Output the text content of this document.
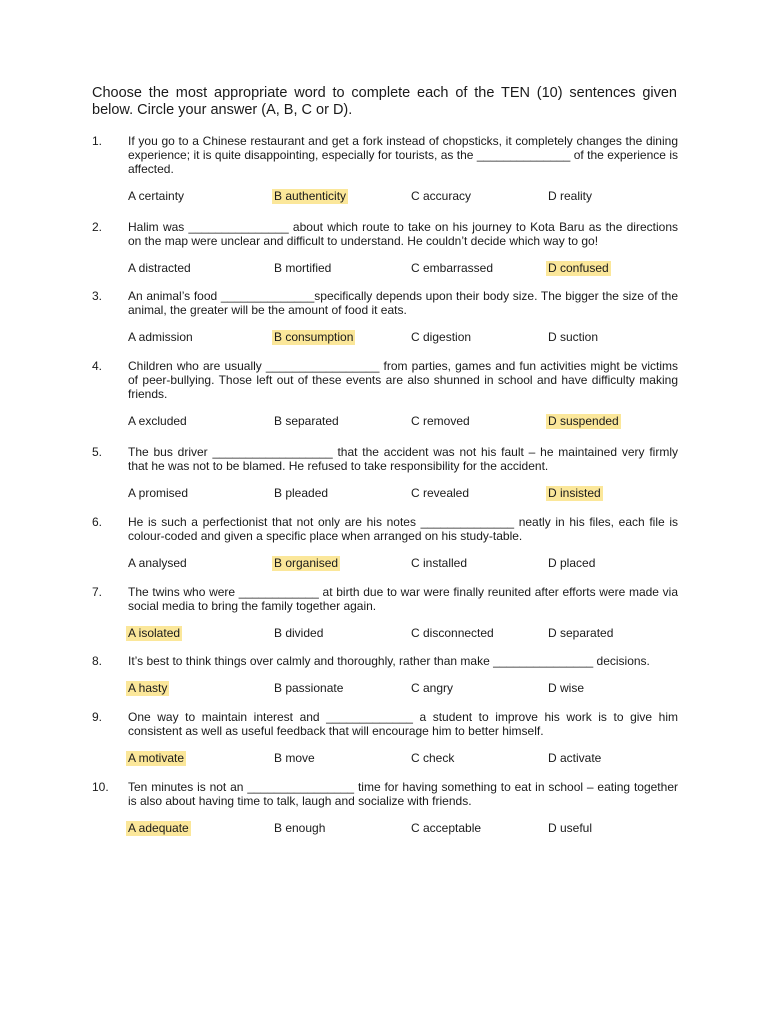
Choose the most appropriate word to complete each of the TEN (10) sentences given below. Circle your answer (A, B, C or D).

1. If you go to a Chinese restaurant and get a fork instead of chopsticks, it completely changes the dining experience; it is quite disappointing, especially for tourists, as the ______________ of the experience is affected.
A certainty	B authenticity	C accuracy	D reality
2. Halim was _______________ about which route to take on his journey to Kota Baru as the directions on the map were unclear and difficult to understand. He couldn’t decide which way to go!
A distracted	B mortified	C embarrassed	D confused
3. An animal’s food ______________specifically depends upon their body size. The bigger the size of the animal, the greater will be the amount of food it eats.
A admission	B consumption	C digestion	D suction
4. Children who are usually _________________ from parties, games and fun activities might be victims of peer-bullying. Those left out of these events are also shunned in school and have difficulty making friends.
A excluded	B separated	C removed	D suspended
5. The bus driver __________________ that the accident was not his fault – he maintained very firmly that he was not to be blamed. He refused to take responsibility for the accident.
A promised	B pleaded	C revealed	D insisted
6. He is such a perfectionist that not only are his notes ______________ neatly in his files, each file is colour-coded and given a specific place when arranged on his study-table.
A analysed	B organised	C installed	D placed
7. The twins who were ____________ at birth due to war were finally reunited after efforts were made via social media to bring the family together again.
A isolated	B divided	C disconnected	D separated
8. It’s best to think things over calmly and thoroughly, rather than make _______________ decisions.
A hasty	B passionate	C angry	D wise
9. One way to maintain interest and _____________ a student to improve his work is to give him consistent as well as useful feedback that will encourage him to better himself.
A motivate	B move	C check	D activate
10. Ten minutes is not an ________________ time for having something to eat in school – eating together is also about having time to talk, laugh and socialize with friends.
A adequate	B enough	C acceptable	D useful
